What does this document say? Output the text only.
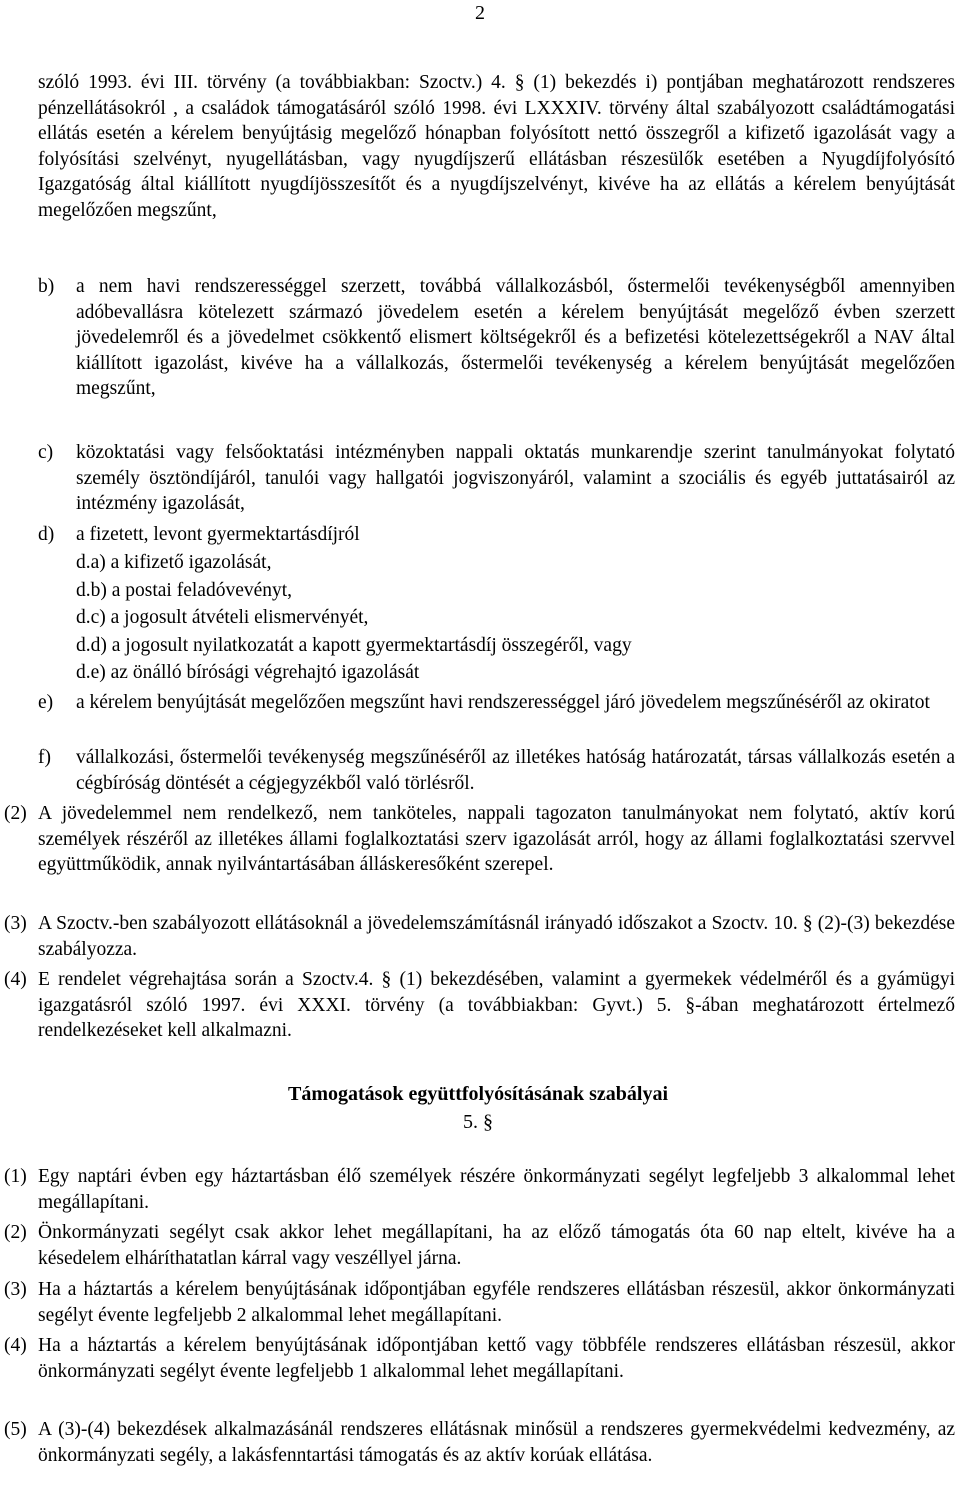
2
szóló 1993. évi III. törvény (a továbbiakban: Szoctv.) 4. § (1) bekezdés i) pontjában meghatározott rendszeres pénzellátásokról , a családok támogatásáról szóló 1998. évi LXXXIV. törvény által szabályozott családtámogatási ellátás esetén a kérelem benyújtásig megelőző hónapban folyósított nettó összegről a kifizető igazolását vagy a folyósítási szelvényt, nyugellátásban, vagy nyugdíjszerű ellátásban részesülők esetében a Nyugdíjfolyósító Igazgatóság által kiállított nyugdíjösszesítőt és a nyugdíjszelvényt, kivéve ha az ellátás a kérelem benyújtását megelőzően megszűnt,
b) a nem havi rendszerességgel szerzett, továbbá vállalkozásból, őstermelői tevékenységből amennyiben adóbevallásra kötelezett származó jövedelem esetén a kérelem benyújtását megelőző évben szerzett jövedelemről és a jövedelmet csökkentő elismert költségekről és a befizetési kötelezettségekről a NAV által kiállított igazolást, kivéve ha a vállalkozás, őstermelői tevékenység a kérelem benyújtását megelőzően megszűnt,
c) közoktatási vagy felsőoktatási intézményben nappali oktatás munkarendje szerint tanulmányokat folytató személy ösztöndíjáról, tanulói vagy hallgatói jogviszonyáról, valamint a szociális és egyéb juttatásairól az intézmény igazolását,
d) a fizetett, levont gyermektartásdíjról
d.a) a kifizető igazolását,
d.b) a postai feladóvevényt,
d.c) a jogosult átvételi elismervényét,
d.d) a jogosult nyilatkozatát a kapott gyermektartásdíj összegéről, vagy
d.e) az önálló bírósági végrehajtó igazolását
e) a kérelem benyújtását megelőzően megszűnt havi rendszerességgel járó jövedelem megszűnéséről az okiratot
f) vállalkozási, őstermelői tevékenység megszűnéséről az illetékes hatóság határozatát, társas vállalkozás esetén a cégbíróság döntését a cégjegyzékből való törlésről.
(2) A jövedelemmel nem rendelkező, nem tanköteles, nappali tagozaton tanulmányokat nem folytató, aktív korú személyek részéről az illetékes állami foglalkoztatási szerv igazolását arról, hogy az állami foglalkoztatási szervvel együttműködik, annak nyilvántartásában álláskeresőként szerepel.
(3) A Szoctv.-ben szabályozott ellátásoknál a jövedelemszámításnál irányadó időszakot a Szoctv. 10. § (2)-(3) bekezdése szabályozza.
(4) E rendelet végrehajtása során a Szoctv.4. § (1) bekezdésében, valamint a gyermekek védelméről és a gyámügyi igazgatásról szóló 1997. évi XXXI. törvény (a továbbiakban: Gyvt.) 5. §-ában meghatározott értelmező rendelkezéseket kell alkalmazni.
Támogatások együttfolyósításának szabályai
5. §
(1) Egy naptári évben egy háztartásban élő személyek részére önkormányzati segélyt legfeljebb 3 alkalommal lehet megállapítani.
(2) Önkormányzati segélyt csak akkor lehet megállapítani, ha az előző támogatás óta 60 nap eltelt, kivéve ha a késedelem elháríthatatlan kárral vagy veszéllyel járna.
(3) Ha a háztartás a kérelem benyújtásának időpontjában egyféle rendszeres ellátásban részesül, akkor önkormányzati segélyt évente legfeljebb 2 alkalommal lehet megállapítani.
(4) Ha a háztartás a kérelem benyújtásának időpontjában kettő vagy többféle rendszeres ellátásban részesül, akkor önkormányzati segélyt évente legfeljebb 1 alkalommal lehet megállapítani.
(5) A (3)-(4) bekezdések alkalmazásánál rendszeres ellátásnak minősül a rendszeres gyermekvédelmi kedvezmény, az önkormányzati segély, a lakásfenntartási támogatás és az aktív korúak ellátása.
